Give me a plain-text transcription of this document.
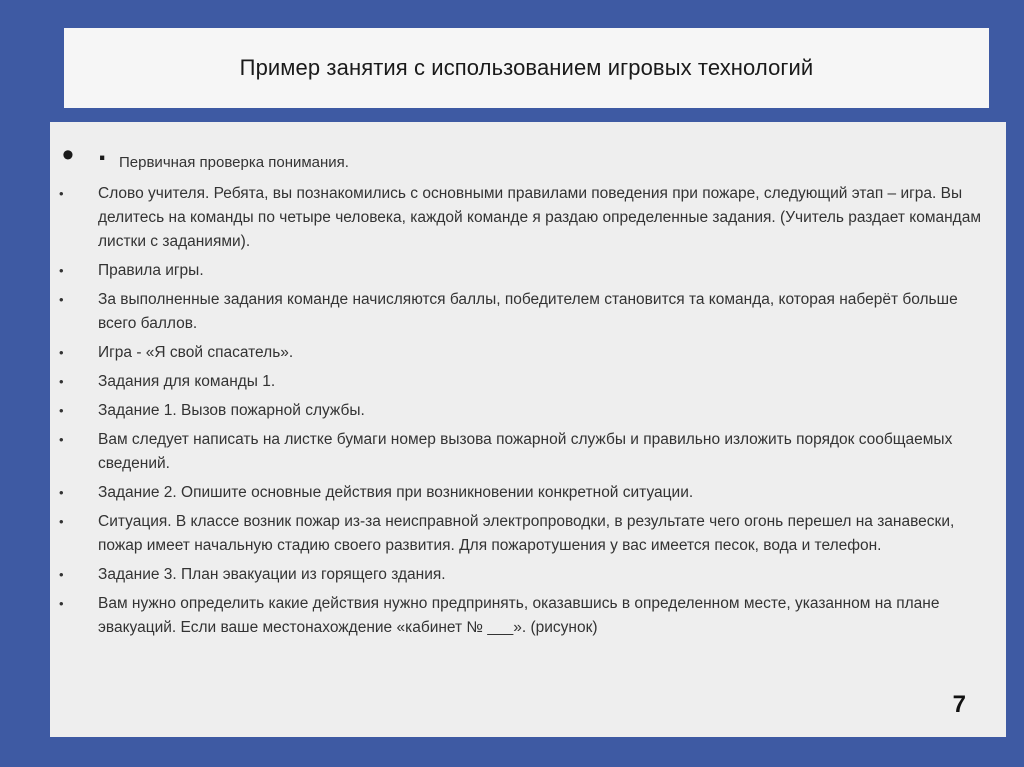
Пример занятия с использованием игровых технологий
• . Первичная проверка понимания.
• Слово учителя. Ребята, вы познакомились с основными правилами поведения при пожаре, следующий этап – игра. Вы делитесь на команды по четыре человека, каждой команде я раздаю определенные задания. (Учитель раздает командам листки с заданиями).
• Правила игры.
• За выполненные задания команде начисляются баллы, победителем становится та команда, которая наберёт больше всего баллов.
• Игра - «Я свой спасатель».
• Задания для команды 1.
• Задание 1. Вызов пожарной службы.
• Вам следует написать на листке бумаги номер вызова пожарной службы и правильно изложить порядок сообщаемых сведений.
• Задание 2. Опишите основные действия при возникновении конкретной ситуации.
• Ситуация. В классе возник пожар из-за неисправной электропроводки, в результате чего огонь перешел на занавески, пожар имеет начальную стадию своего развития. Для пожаротушения у вас имеется песок, вода и телефон.
• Задание 3. План эвакуации из горящего здания.
• Вам нужно определить какие действия нужно предпринять, оказавшись в определенном месте, указанном на плане эвакуаций. Если ваше местонахождение «кабинет № ___». (рисунок)
7
